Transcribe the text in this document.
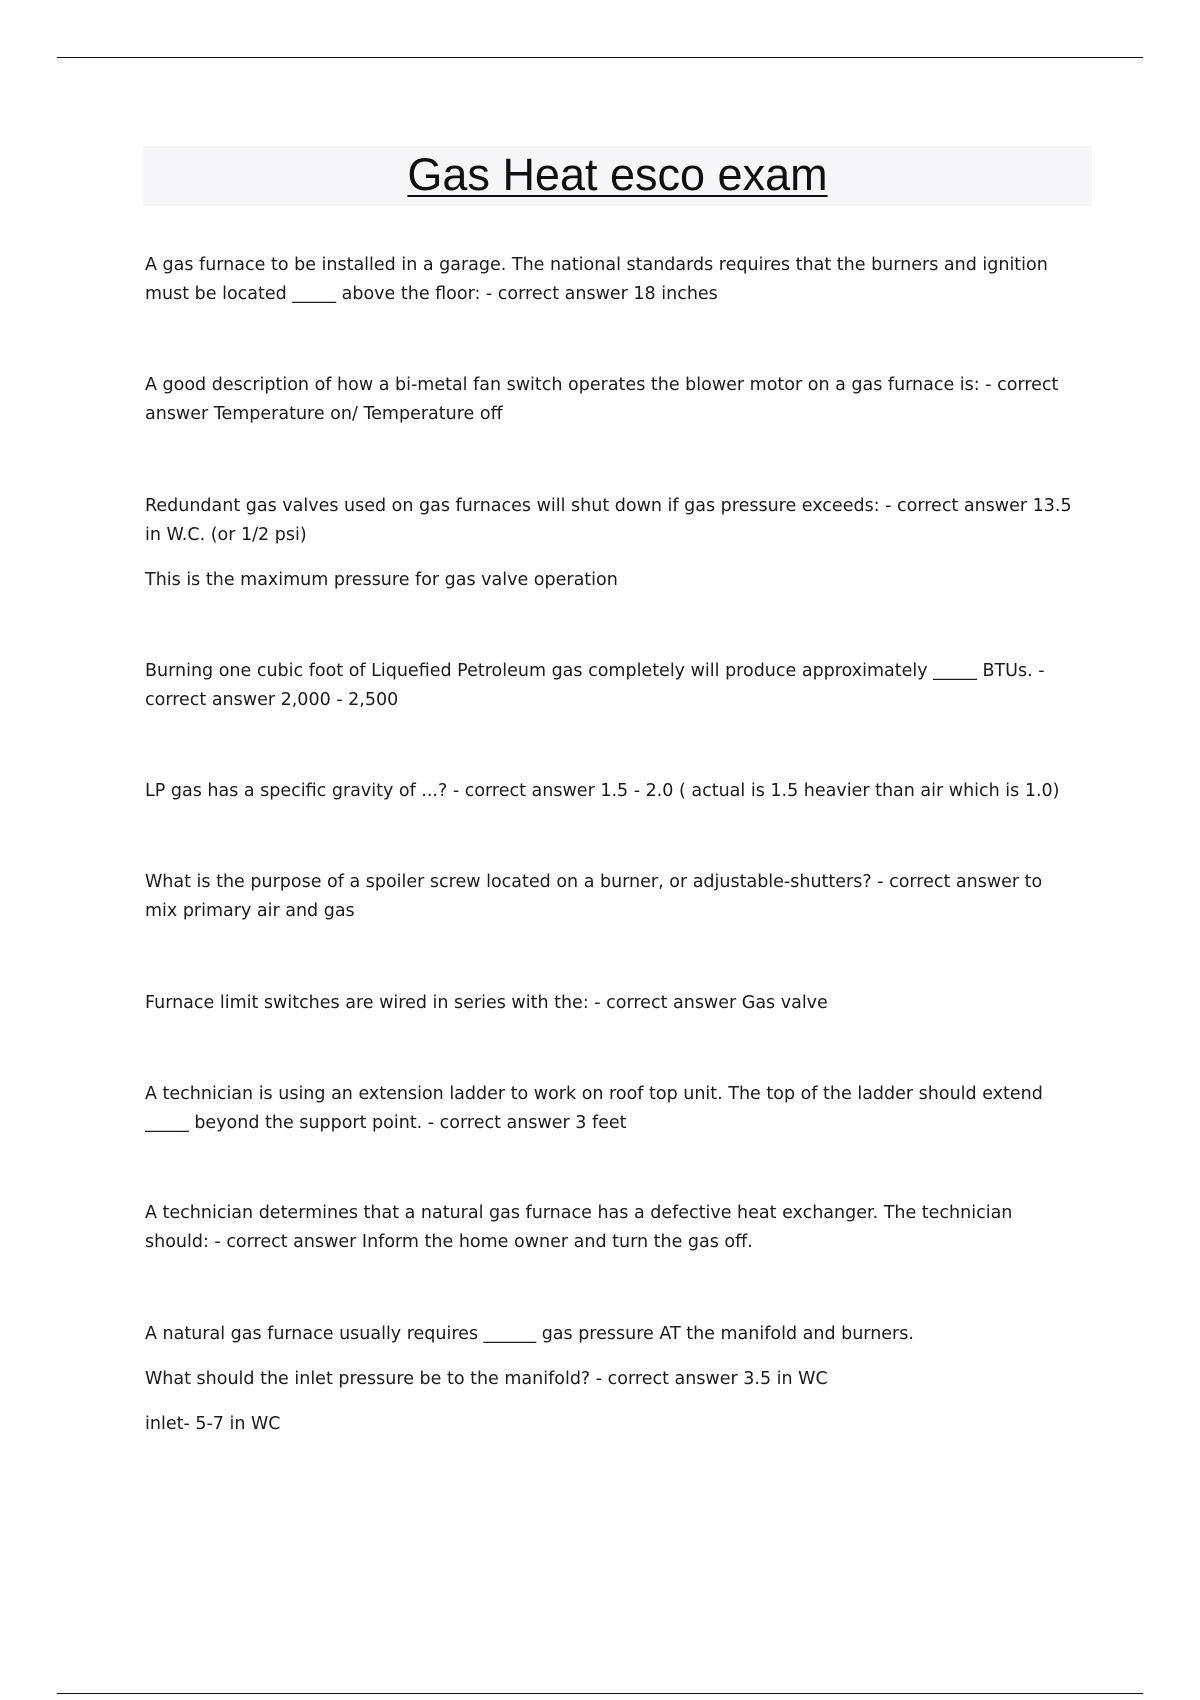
Gas Heat esco exam

A gas furnace to be installed in a garage. The national standards requires that the burners and ignition

must be located _____ above the floor: - correct answer 18 inches

A good description of how a bi-metal fan switch operates the blower motor on a gas furnace is: - correct

answer Temperature on/ Temperature off

Redundant gas valves used on gas furnaces will shut down if gas pressure exceeds: - correct answer 13.5

in W.C. (or 1/2 psi)

This is the maximum pressure for gas valve operation

Burning one cubic foot of Liquefied Petroleum gas completely will produce approximately _____ BTUs. -

correct answer 2,000 - 2,500

LP gas has a specific gravity of ...? - correct answer 1.5 - 2.0 ( actual is 1.5 heavier than air which is 1.0)

What is the purpose of a spoiler screw located on a burner, or adjustable-shutters? - correct answer to

mix primary air and gas

Furnace limit switches are wired in series with the: - correct answer Gas valve

A technician is using an extension ladder to work on roof top unit. The top of the ladder should extend

_____ beyond the support point. - correct answer 3 feet

A technician determines that a natural gas furnace has a defective heat exchanger. The technician

should: - correct answer Inform the home owner and turn the gas off.

A natural gas furnace usually requires ______ gas pressure AT the manifold and burners.

What should the inlet pressure be to the manifold? - correct answer 3.5 in WC

inlet- 5-7 in WC
